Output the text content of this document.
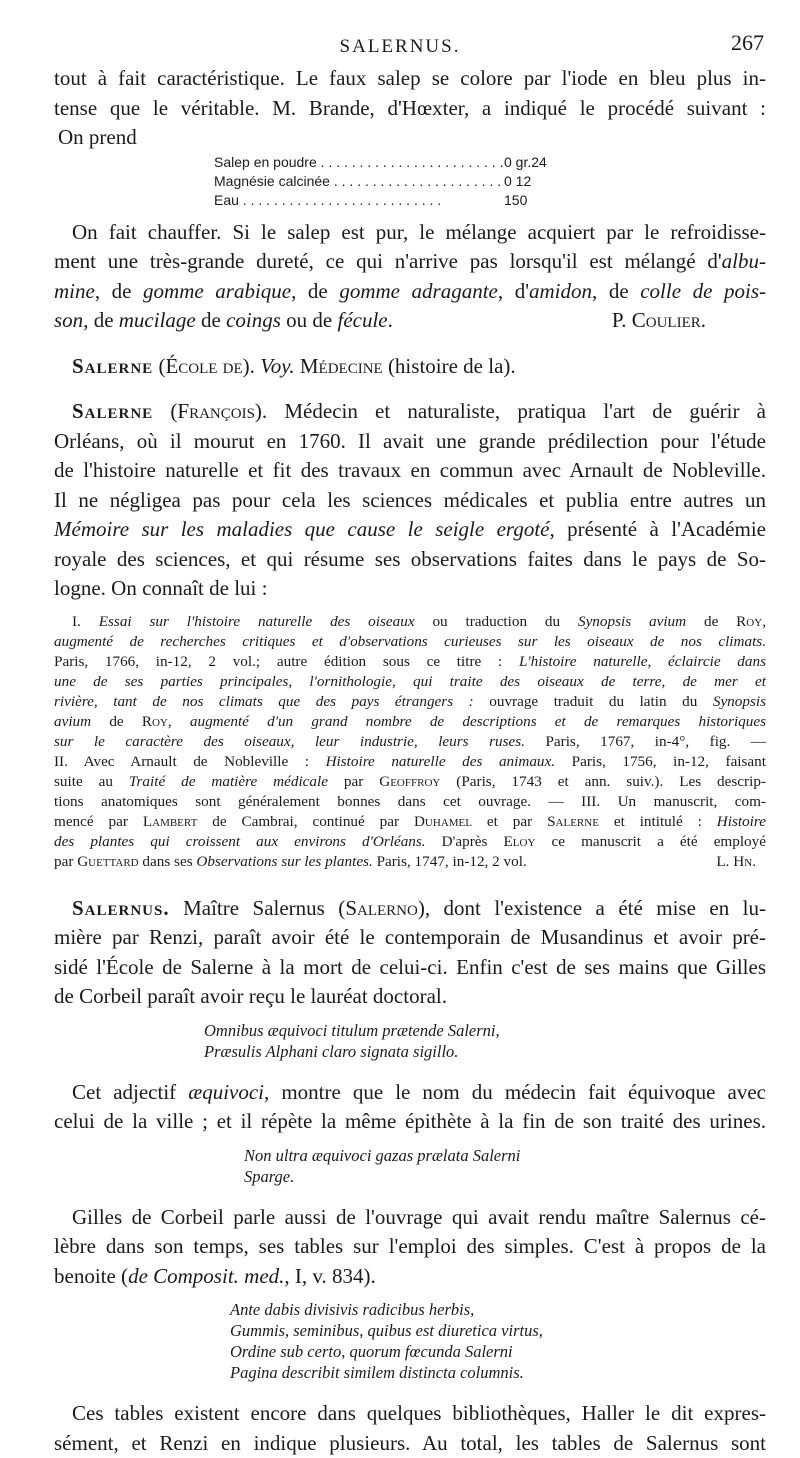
SALERNUS.	267

tout à fait caractéristique. Le faux salep se colore par l'iode en bleu plus in-

tense que le véritable. M. Brande, d'Hœxter, a indiqué le procédé suivant :

On prend

Salep en poudre . . .	0 gr.24
Magnésie calcinée . . .	0 12
Eau . . .	150

On fait chauffer. Si le salep est pur, le mélange acquiert par le refroidisse-

ment une très-grande dureté, ce qui n'arrive pas lorsqu'il est mélangé d'albu-

mine, de gomme arabique, de gomme adragante, d'amidon, de colle de pois-

son, de mucilage de coings ou de fécule.	P. Coulier.

Salerne (École de). Voy. Médecine (histoire de la).

Salerne (François). Médecin et naturaliste, pratiqua l'art de guérir à

Orléans, où il mourut en 1760. Il avait une grande prédilection pour l'étude

de l'histoire naturelle et fit des travaux en commun avec Arnault de Nobleville.

Il ne négligea pas pour cela les sciences médicales et publia entre autres un

Mémoire sur les maladies que cause le seigle ergoté, présenté à l'Académie

royale des sciences, et qui résume ses observations faites dans le pays de So-

logne. On connaît de lui :

I. Essai sur l'histoire naturelle des oiseaux ou traduction du Synopsis avium de Roy,

augmenté de recherches critiques et d'observations curieuses sur les oiseaux de nos climats.

Paris, 1766, in-12, 2 vol.; autre édition sous ce titre : L'histoire naturelle, éclaircie dans

une de ses parties principales, l'ornithologie, qui traite des oiseaux de terre, de mer et

rivière, tant de nos climats que des pays étrangers : ouvrage traduit du latin du Synopsis

avium de Roy, augmenté d'un grand nombre de descriptions et de remarques historiques

sur le caractère des oiseaux, leur industrie, leurs ruses. Paris, 1767, in-4°, fig. —

II. Avec Arnault de Nobleville : Histoire naturelle des animaux. Paris, 1756, in-12, faisant

suite au Traité de matière médicale par Geoffroy (Paris, 1743 et ann. suiv.). Les descrip-

tions anatomiques sont généralement bonnes dans cet ouvrage. — III. Un manuscrit, com-

mencé par Lambert de Cambrai, continué par Duhamel et par Salerne et intitulé : Histoire

des plantes qui croissent aux environs d'Orléans. D'après Eloy ce manuscrit a été employé

par Guettard dans ses Observations sur les plantes. Paris, 1747, in-12, 2 vol.	L. Hn.

Salernus. Maître Salernus (Salerno), dont l'existence a été mise en lu-

mière par Renzi, paraît avoir été le contemporain de Musandinus et avoir pré-

sidé l'École de Salerne à la mort de celui-ci. Enfin c'est de ses mains que Gilles

de Corbeil paraît avoir reçu le lauréat doctoral.

Omnibus æquivoci titulum prætende Salerni,

Præsulis Alphani claro signata sigillo.

Cet adjectif æquivoci, montre que le nom du médecin fait équivoque avec

celui de la ville ; et il répète la même épithète à la fin de son traité des urines.

Non ultra æquivoci gazas prælata Salerni

Sparge.

Gilles de Corbeil parle aussi de l'ouvrage qui avait rendu maître Salernus cé-

lèbre dans son temps, ses tables sur l'emploi des simples. C'est à propos de la

benoite (de Composit. med., I, v. 834).

Ante dabis divisivis radicibus herbis,

Gummis, seminibus, quibus est diuretica virtus,

Ordine sub certo, quorum fœcunda Salerni

Pagina describit similem distincta columnis.

Ces tables existent encore dans quelques bibliothèques, Haller le dit expres-

sément, et Renzi en indique plusieurs. Au total, les tables de Salernus sont
